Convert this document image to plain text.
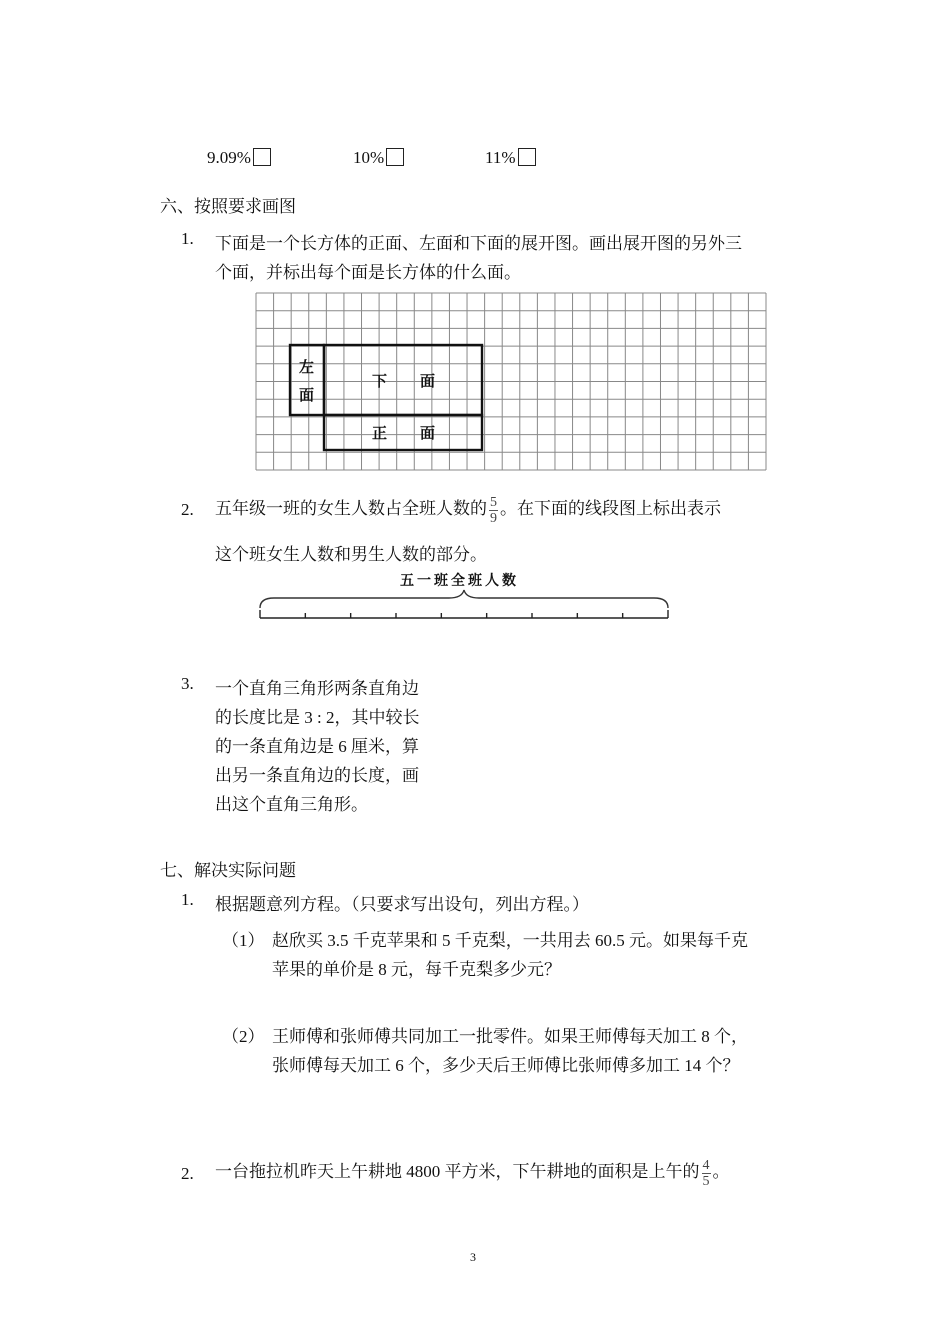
9.09%	10%	11%
六、按照要求画图
1. 下面是一个长方体的正面、左面和下面的展开图。画出展开图的另外三
个面，并标出每个面是长方体的什么面。
左
面
下 面
正 面
2. 五年级一班的女生人数占全班人数的 $\frac{5}{9}$ 。在下面的线段图上标出表示
这个班女生人数和男生人数的部分。
五一班全班人数
3. 一个直角三角形两条直角边
的长度比是 3 : 2，其中较长
的一条直角边是 6 厘米，算
出另一条直角边的长度，画
出这个直角三角形。
七、解决实际问题
1. 根据题意列方程。（只要求写出设句，列出方程。）
（1） 赵欣买 3.5 千克苹果和 5 千克梨，一共用去 60.5 元。如果每千克
苹果的单价是 8 元，每千克梨多少元？
（2） 王师傅和张师傅共同加工一批零件。如果王师傅每天加工 8 个，
张师傅每天加工 6 个，多少天后王师傅比张师傅多加工 14 个？
2. 一台拖拉机昨天上午耕地 4800 平方米，下午耕地的面积是上午的 $\frac{4}{5}$ 。
3
